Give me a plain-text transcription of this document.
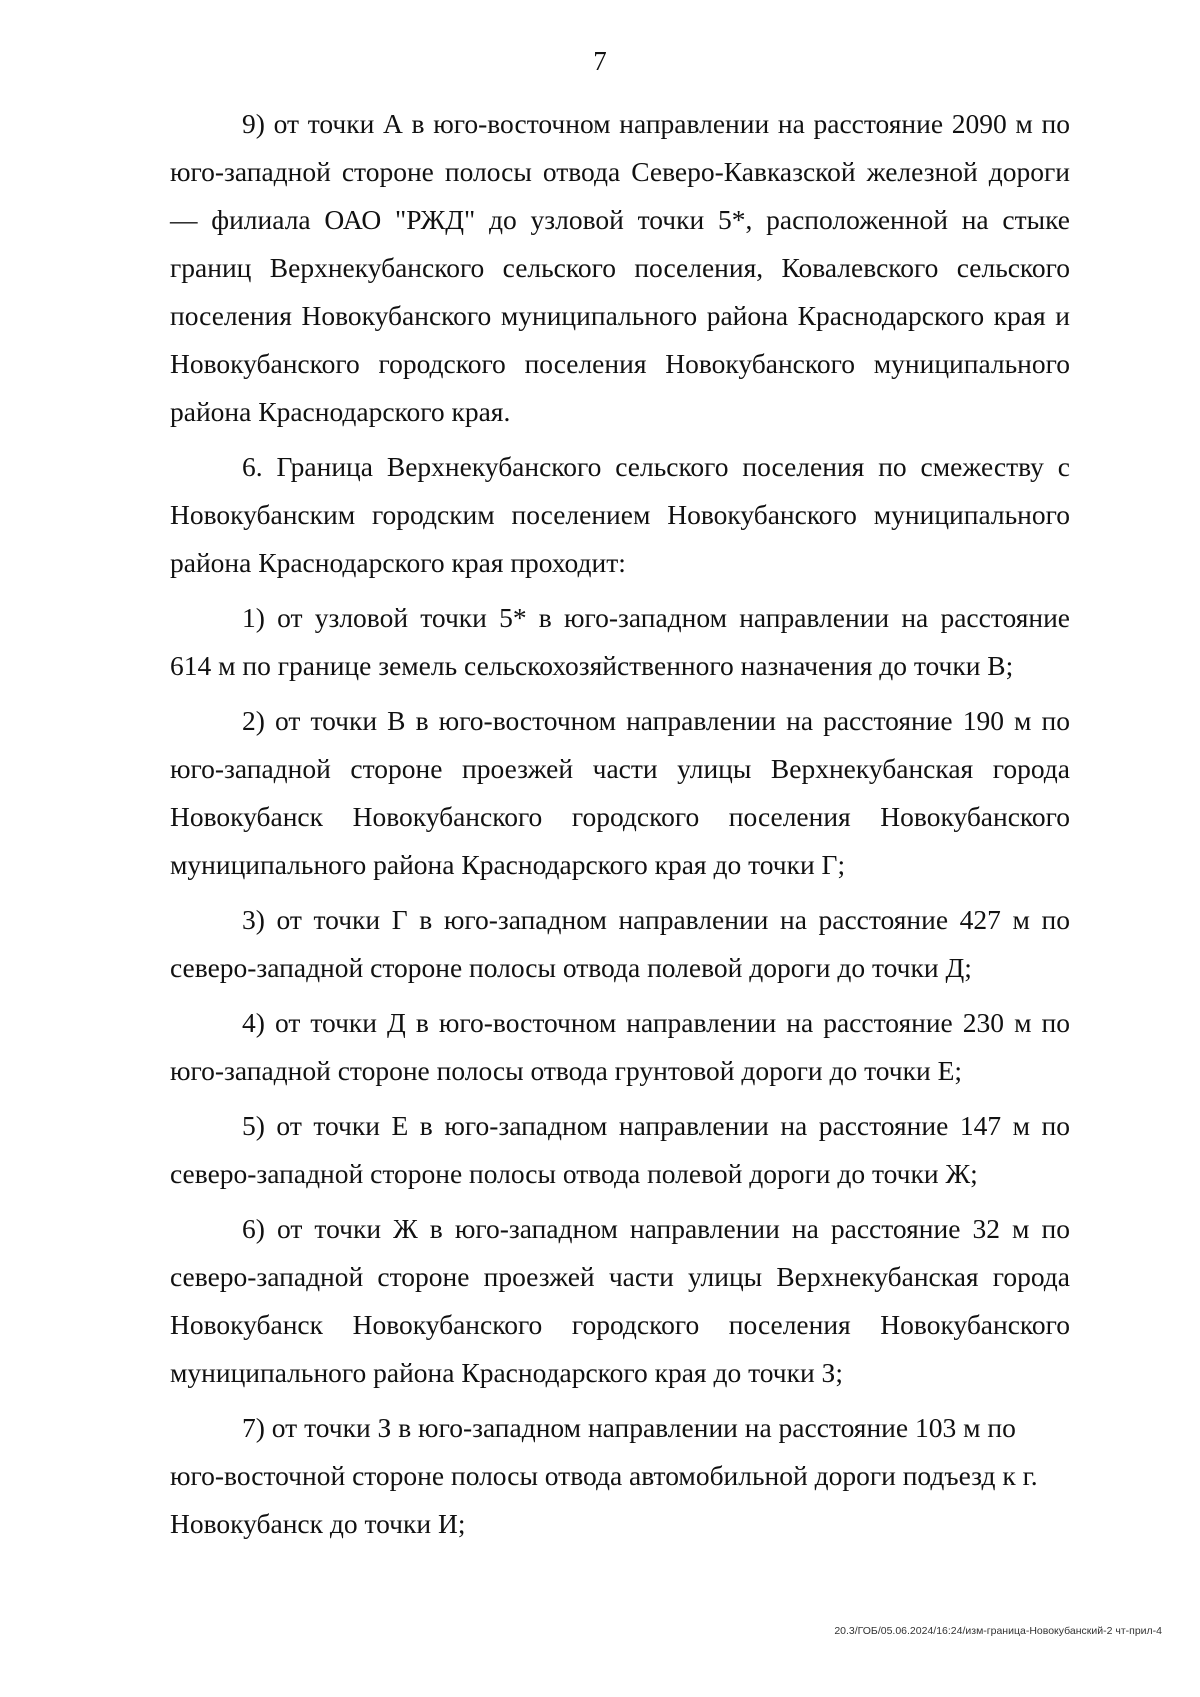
7

9) от точки А в юго-восточном направлении на расстояние 2090 м по юго-западной стороне полосы отвода Северо-Кавказской железной дороги — филиала ОАО "РЖД" до узловой точки 5*, расположенной на стыке границ Верхнекубанского сельского поселения, Ковалевского сельского поселения Новокубанского муниципального района Краснодарского края и Новокубанского городского поселения Новокубанского муниципального района Краснодарского края.

6. Граница Верхнекубанского сельского поселения по смежеству с Новокубанским городским поселением Новокубанского муниципального района Краснодарского края проходит:

1) от узловой точки 5* в юго-западном направлении на расстояние 614 м по границе земель сельскохозяйственного назначения до точки В;

2) от точки В в юго-восточном направлении на расстояние 190 м по юго-западной стороне проезжей части улицы Верхнекубанская города Новокубанск Новокубанского городского поселения Новокубанского муниципального района Краснодарского края до точки Г;

3) от точки Г в юго-западном направлении на расстояние 427 м по северо-западной стороне полосы отвода полевой дороги до точки Д;

4) от точки Д в юго-восточном направлении на расстояние 230 м по юго-западной стороне полосы отвода грунтовой дороги до точки Е;

5) от точки Е в юго-западном направлении на расстояние 147 м по северо-западной стороне полосы отвода полевой дороги до точки Ж;

6) от точки Ж в юго-западном направлении на расстояние 32 м по северо-западной стороне проезжей части улицы Верхнекубанская города Новокубанск Новокубанского городского поселения Новокубанского муниципального района Краснодарского края до точки З;

7) от точки З в юго-западном направлении на расстояние 103 м по юго-восточной стороне полосы отвода автомобильной дороги подъезд к г. Новокубанск до точки И;

20.3/ГОБ/05.06.2024/16:24/изм-граница-Новокубанский-2 чт-прил-4
